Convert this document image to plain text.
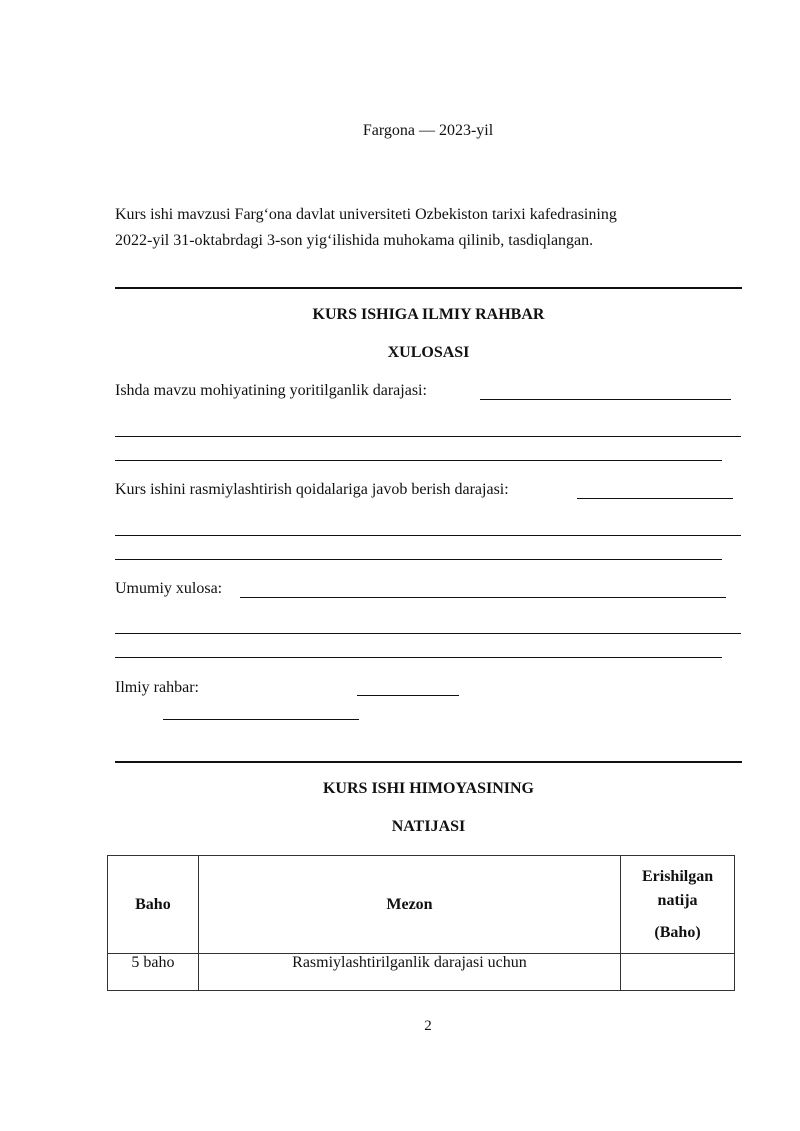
Fargona — 2023-yil
Kurs ishi mavzusi Farg‘ona davlat universiteti Ozbekiston tarixi kafedrasining
2022-yil 31-oktabrdagi 3-son yig‘ilishida muhokama qilinib, tasdiqlangan.
KURS ISHIGA ILMIY RAHBAR
XULOSASI
Ishda mavzu mohiyatining yoritilganlik darajasi:
Kurs ishini rasmiylashtirish qoidalariga javob berish darajasi:
Umumiy xulosa:
Ilmiy rahbar:
KURS ISHI HIMOYASINING
NATIJASI
Baho	Mezon	Erishilgan
natija
(Baho)

5 baho	Rasmiylashtirilganlik darajasi uchun	
2
